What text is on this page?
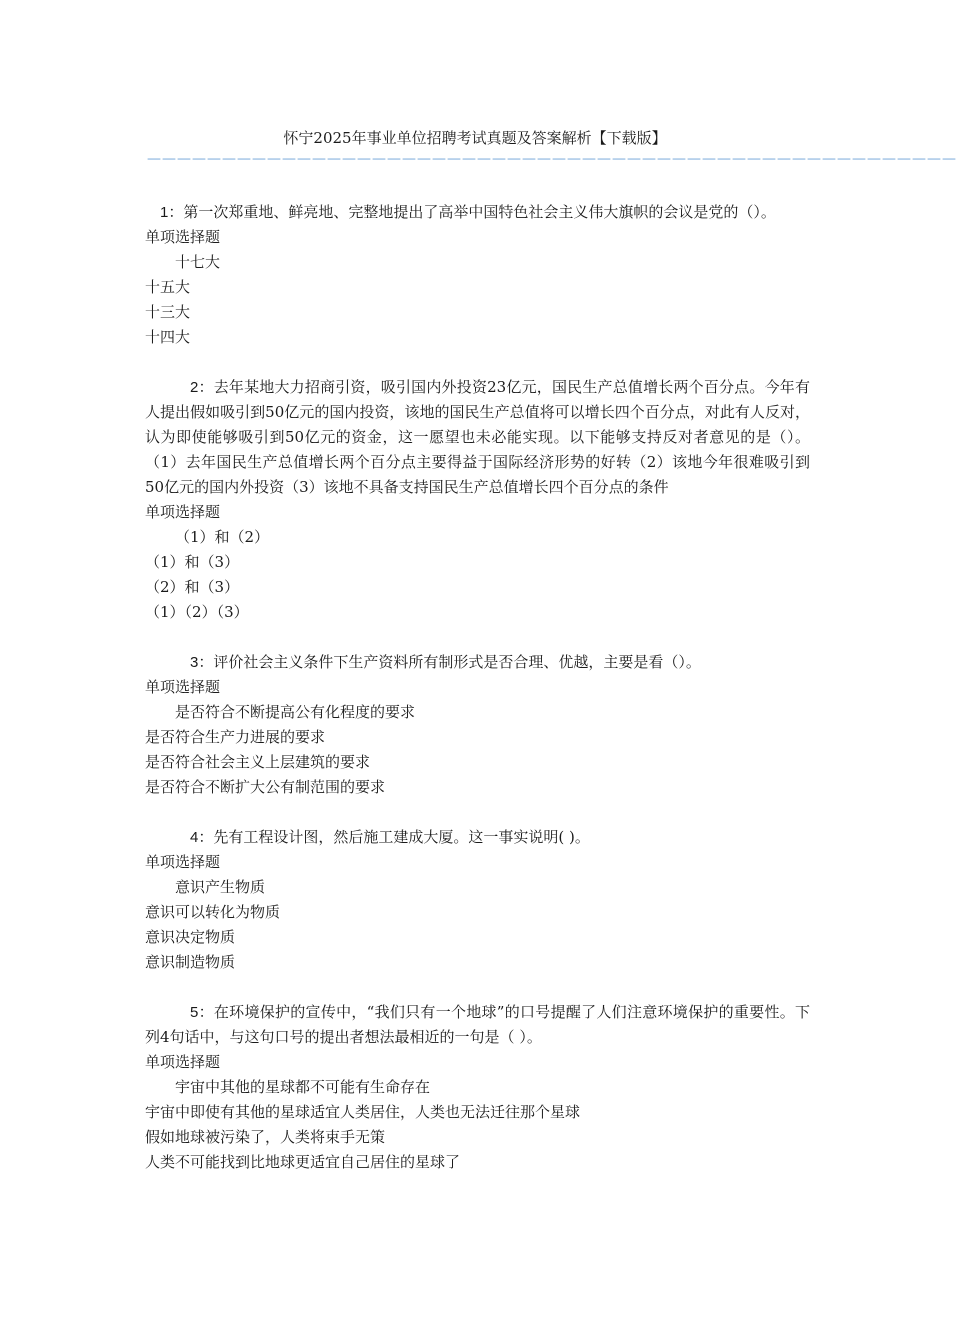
怀宁2025年事业单位招聘考试真题及答案解析【下载版】
——————————————————————————————————————————————————————
1：第一次郑重地、鲜亮地、完整地提出了高举中国特色社会主义伟大旗帜的会议是党的（）。
单项选择题
十七大
十五大
十三大
十四大
2：去年某地大力招商引资，吸引国内外投资23亿元，国民生产总值增长两个百分点。今年有人提出假如吸引到50亿元的国内投资，该地的国民生产总值将可以增长四个百分点，对此有人反对，认为即使能够吸引到50亿元的资金，这一愿望也未必能实现。以下能够支持反对者意见的是（）。（1）去年国民生产总值增长两个百分点主要得益于国际经济形势的好转（2）该地今年很难吸引到50亿元的国内外投资（3）该地不具备支持国民生产总值增长四个百分点的条件
单项选择题
（1）和（2）
（1）和（3）
（2）和（3）
（1）（2）（3）
3：评价社会主义条件下生产资料所有制形式是否合理、优越，主要是看（）。
单项选择题
是否符合不断提高公有化程度的要求
是否符合生产力进展的要求
是否符合社会主义上层建筑的要求
是否符合不断扩大公有制范围的要求
4：先有工程设计图，然后施工建成大厦。这一事实说明( )。
单项选择题
意识产生物质
意识可以转化为物质
意识决定物质
意识制造物质
5：在环境保护的宣传中，“我们只有一个地球”的口号提醒了人们注意环境保护的重要性。下列4句话中，与这句口号的提出者想法最相近的一句是（ ）。
单项选择题
宇宙中其他的星球都不可能有生命存在
宇宙中即使有其他的星球适宜人类居住，人类也无法迁往那个星球
假如地球被污染了，人类将束手无策
人类不可能找到比地球更适宜自己居住的星球了
